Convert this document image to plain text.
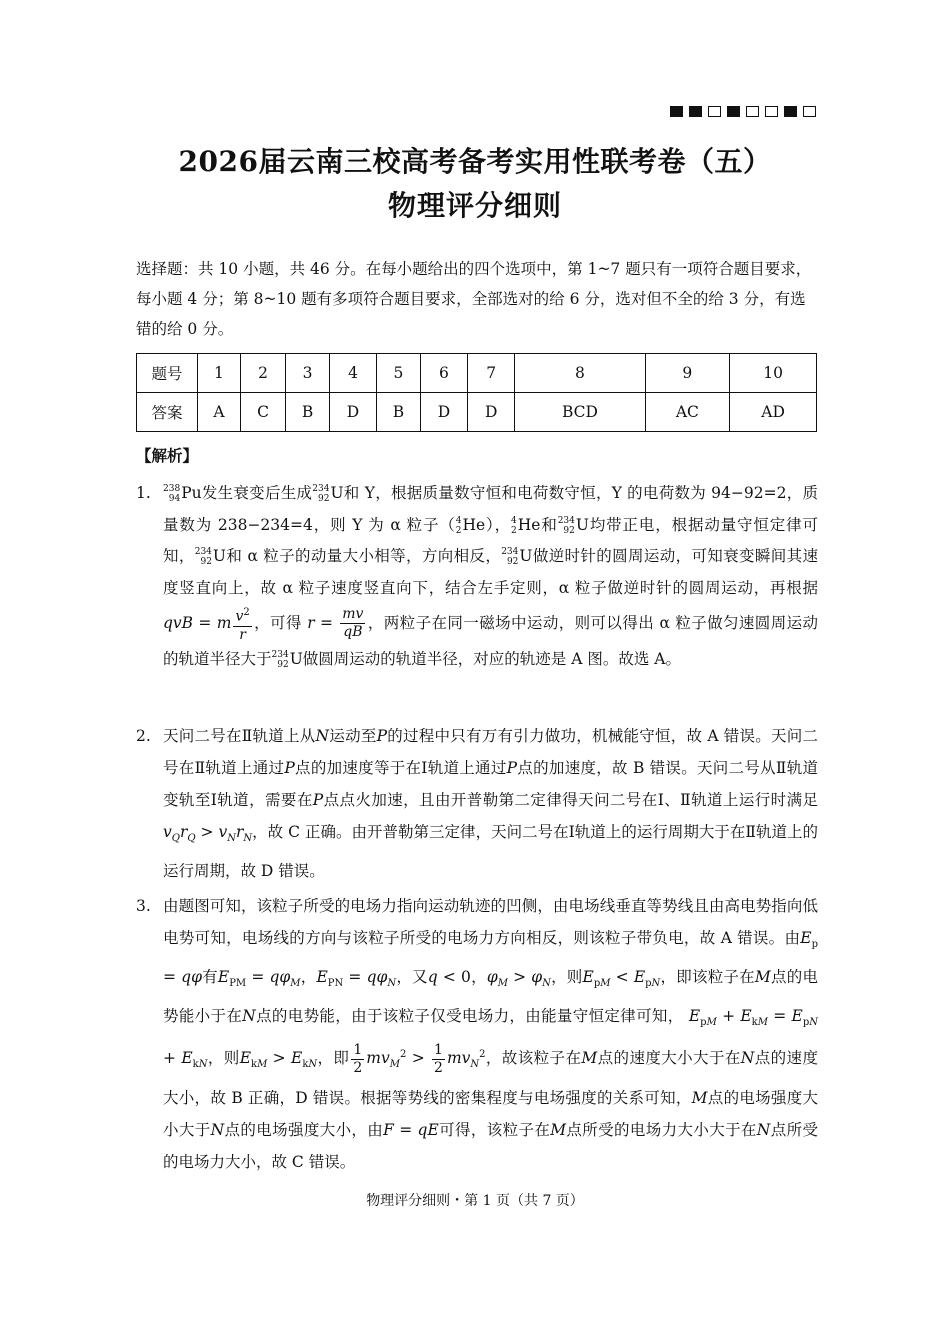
2026届云南三校高考备考实用性联考卷（五）
物理评分细则
选择题：共 10 小题，共 46 分。在每小题给出的四个选项中，第 1~7 题只有一项符合题目要求，每小题 4 分；第 8~10 题有多项符合题目要求，全部选对的给 6 分，选对但不全的给 3 分，有选错的给 0 分。
题号	1	2	3	4	5	6	7	8	9	10
答案	A	C	B	D	B	D	D	BCD	AC	AD
【解析】
1. 238
94 Pu发生衰变后生成 234
92 U和 Y，根据质量数守恒和电荷数守恒，Y 的电荷数为 94−92=2，质量数为 238−234=4，则 Y 为 α 粒子（ 4
2 He）， 4
2 He和 234
92 U均带正电，根据动量守恒定律可知， 234
92 U和 α 粒子的动量大小相等，方向相反， 234
92 U做逆时针的圆周运动，可知衰变瞬间其速度竖直向上，故 α 粒子速度竖直向下，结合左手定则，α 粒子做逆时针的圆周运动，再根据 qvB = m $\frac{v^2}{r}$ ，可得 $r = \frac{mv}{qB}$ ，两粒子在同一磁场中运动，则可以得出 α 粒子做匀速圆周运动的轨道半径大于 234
92 U做圆周运动的轨道半径，对应的轨迹是 A 图。故选 A。
2. 天问二号在Ⅱ轨道上从N运动至P的过程中只有万有引力做功，机械能守恒，故 A 错误。天问二号在Ⅱ轨道上通过P点的加速度等于在Ⅰ轨道上通过P点的加速度，故 B 错误。天问二号从Ⅱ轨道变轨至Ⅰ轨道，需要在P点点火加速，且由开普勒第二定律得天问二号在Ⅰ、Ⅱ轨道上运行时满足$v_Qr_Q > v_Nr_N$，故 C 正确。由开普勒第三定律，天问二号在Ⅰ轨道上的运行周期大于在Ⅱ轨道上的运行周期，故 D 错误。
3. 由题图可知，该粒子所受的电场力指向运动轨迹的凹侧，由电场线垂直等势线且由高电势指向低电势可知，电场线的方向与该粒子所受的电场力方向相反，则该粒子带负电，故 A 错误。由$E_p = q\varphi$有$E_{PM} = q\varphi_M$，$E_{PN} = q\varphi_N$，又q < 0，$\varphi_M > \varphi_N$，则$E_{pM} < E_{pN}$，即该粒子在M点的电势能小于在N点的电势能，由于该粒子仅受电场力，由能量守恒定律可知， $E_{pM} + E_{kM} = E_{pN} + E_{kN}$，则$E_{kM} > E_{kN}$，即 $\frac{1}{2} mv_M^2 > \frac{1}{2} mv_N^2$，故该粒子在M点的速度大小大于在N点的速度大小，故 B 正确，D 错误。根据等势线的密集程度与电场强度的关系可知，M点的电场强度大小大于N点的电场强度大小，由F = qE可得，该粒子在M点所受的电场力大小大于在N点所受的电场力大小，故 C 错误。
物理评分细则・第 1 页（共 7 页）
